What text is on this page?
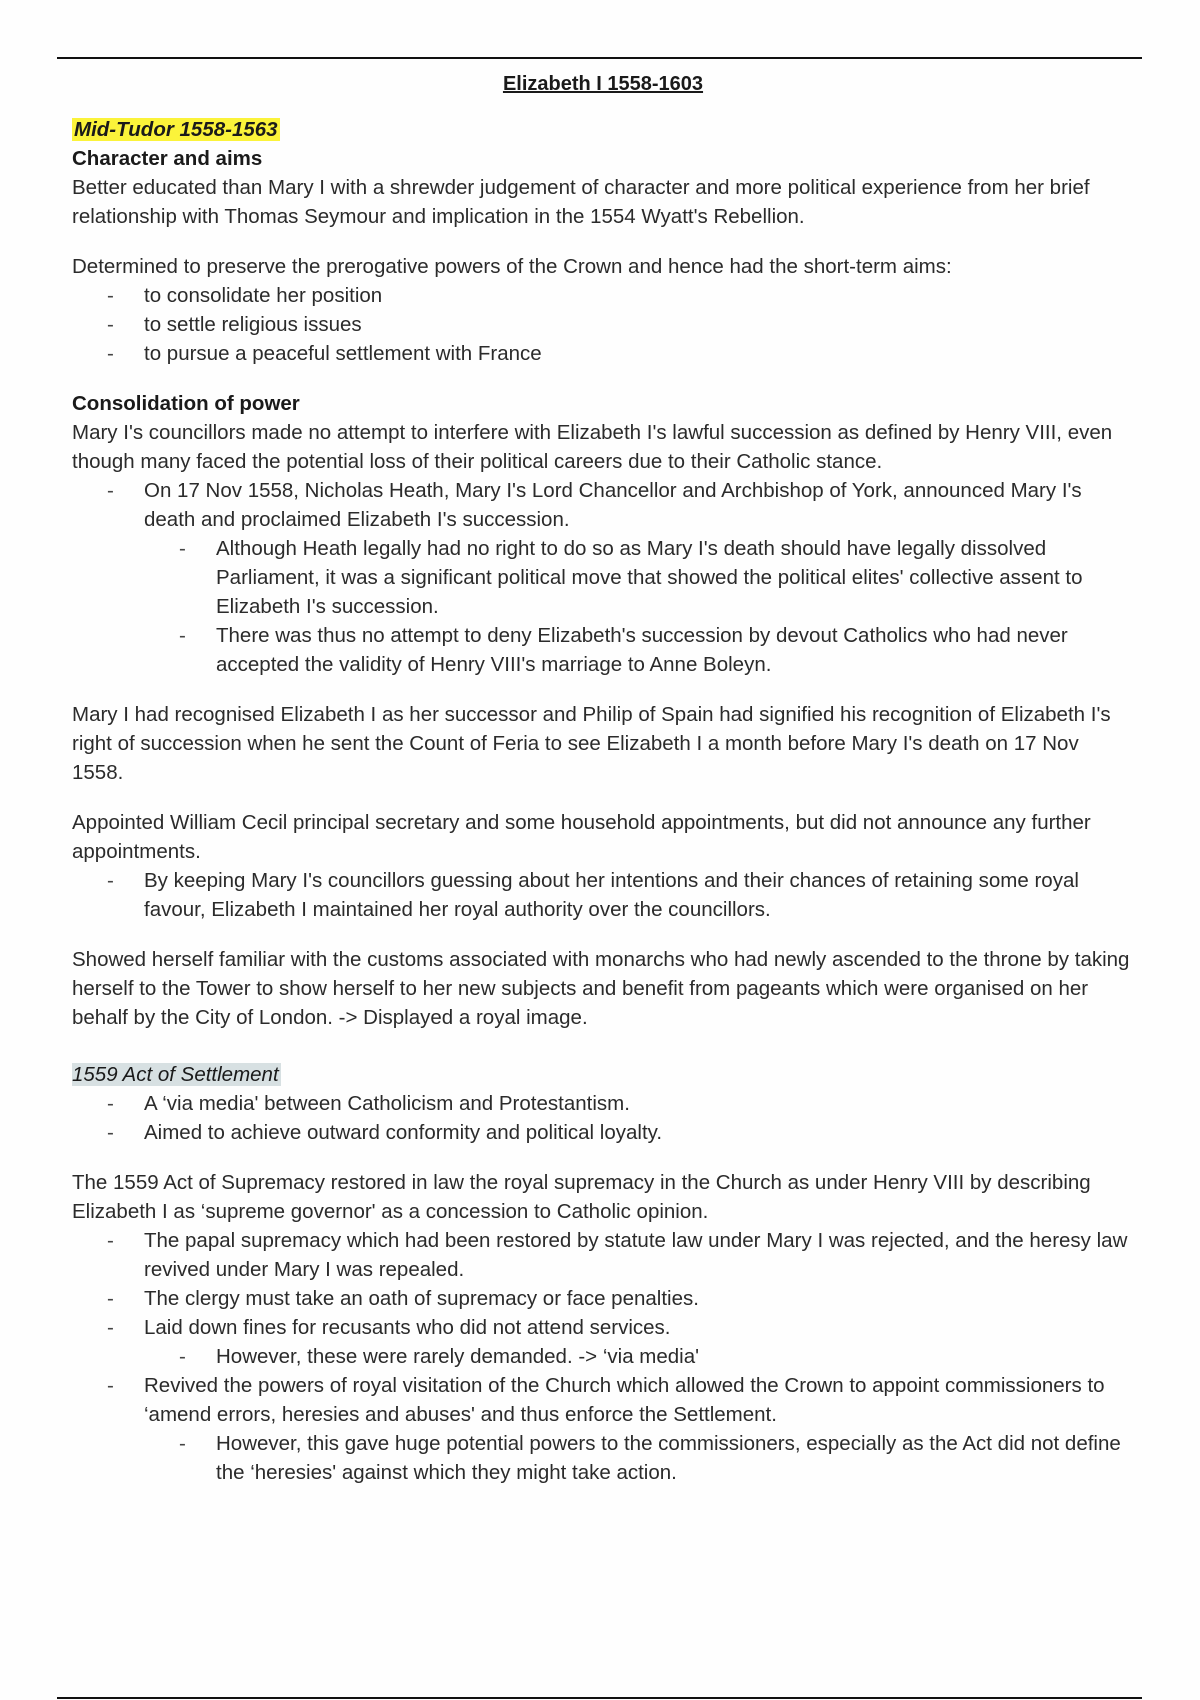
Elizabeth I 1558-1603
Mid-Tudor 1558-1563

Character and aims

Better educated than Mary I with a shrewder judgement of character and more political experience from her brief relationship with Thomas Seymour and implication in the 1554 Wyatt's Rebellion.

Determined to preserve the prerogative powers of the Crown and hence had the short-term aims:

- to consolidate her position
- to settle religious issues
- to pursue a peaceful settlement with France

Consolidation of power

Mary I's councillors made no attempt to interfere with Elizabeth I's lawful succession as defined by Henry VIII, even though many faced the potential loss of their political careers due to their Catholic stance.

- On 17 Nov 1558, Nicholas Heath, Mary I's Lord Chancellor and Archbishop of York, announced Mary I's death and proclaimed Elizabeth I's succession.
- Although Heath legally had no right to do so as Mary I's death should have legally dissolved Parliament, it was a significant political move that showed the political elites' collective assent to Elizabeth I's succession.
- There was thus no attempt to deny Elizabeth's succession by devout Catholics who had never accepted the validity of Henry VIII's marriage to Anne Boleyn.

Mary I had recognised Elizabeth I as her successor and Philip of Spain had signified his recognition of Elizabeth I's right of succession when he sent the Count of Feria to see Elizabeth I a month before Mary I's death on 17 Nov 1558.

Appointed William Cecil principal secretary and some household appointments, but did not announce any further appointments.

- By keeping Mary I's councillors guessing about her intentions and their chances of retaining some royal favour, Elizabeth I maintained her royal authority over the councillors.

Showed herself familiar with the customs associated with monarchs who had newly ascended to the throne by taking herself to the Tower to show herself to her new subjects and benefit from pageants which were organised on her behalf by the City of London. -> Displayed a royal image.

1559 Act of Settlement
- A ‘via media' between Catholicism and Protestantism.
- Aimed to achieve outward conformity and political loyalty.

The 1559 Act of Supremacy restored in law the royal supremacy in the Church as under Henry VIII by describing Elizabeth I as ‘supreme governor' as a concession to Catholic opinion.

- The papal supremacy which had been restored by statute law under Mary I was rejected, and the heresy law revived under Mary I was repealed.
- The clergy must take an oath of supremacy or face penalties.
- Laid down fines for recusants who did not attend services.
- However, these were rarely demanded. -> ‘via media'
- Revived the powers of royal visitation of the Church which allowed the Crown to appoint commissioners to ‘amend errors, heresies and abuses' and thus enforce the Settlement.
- However, this gave huge potential powers to the commissioners, especially as the Act did not define the ‘heresies' against which they might take action.
